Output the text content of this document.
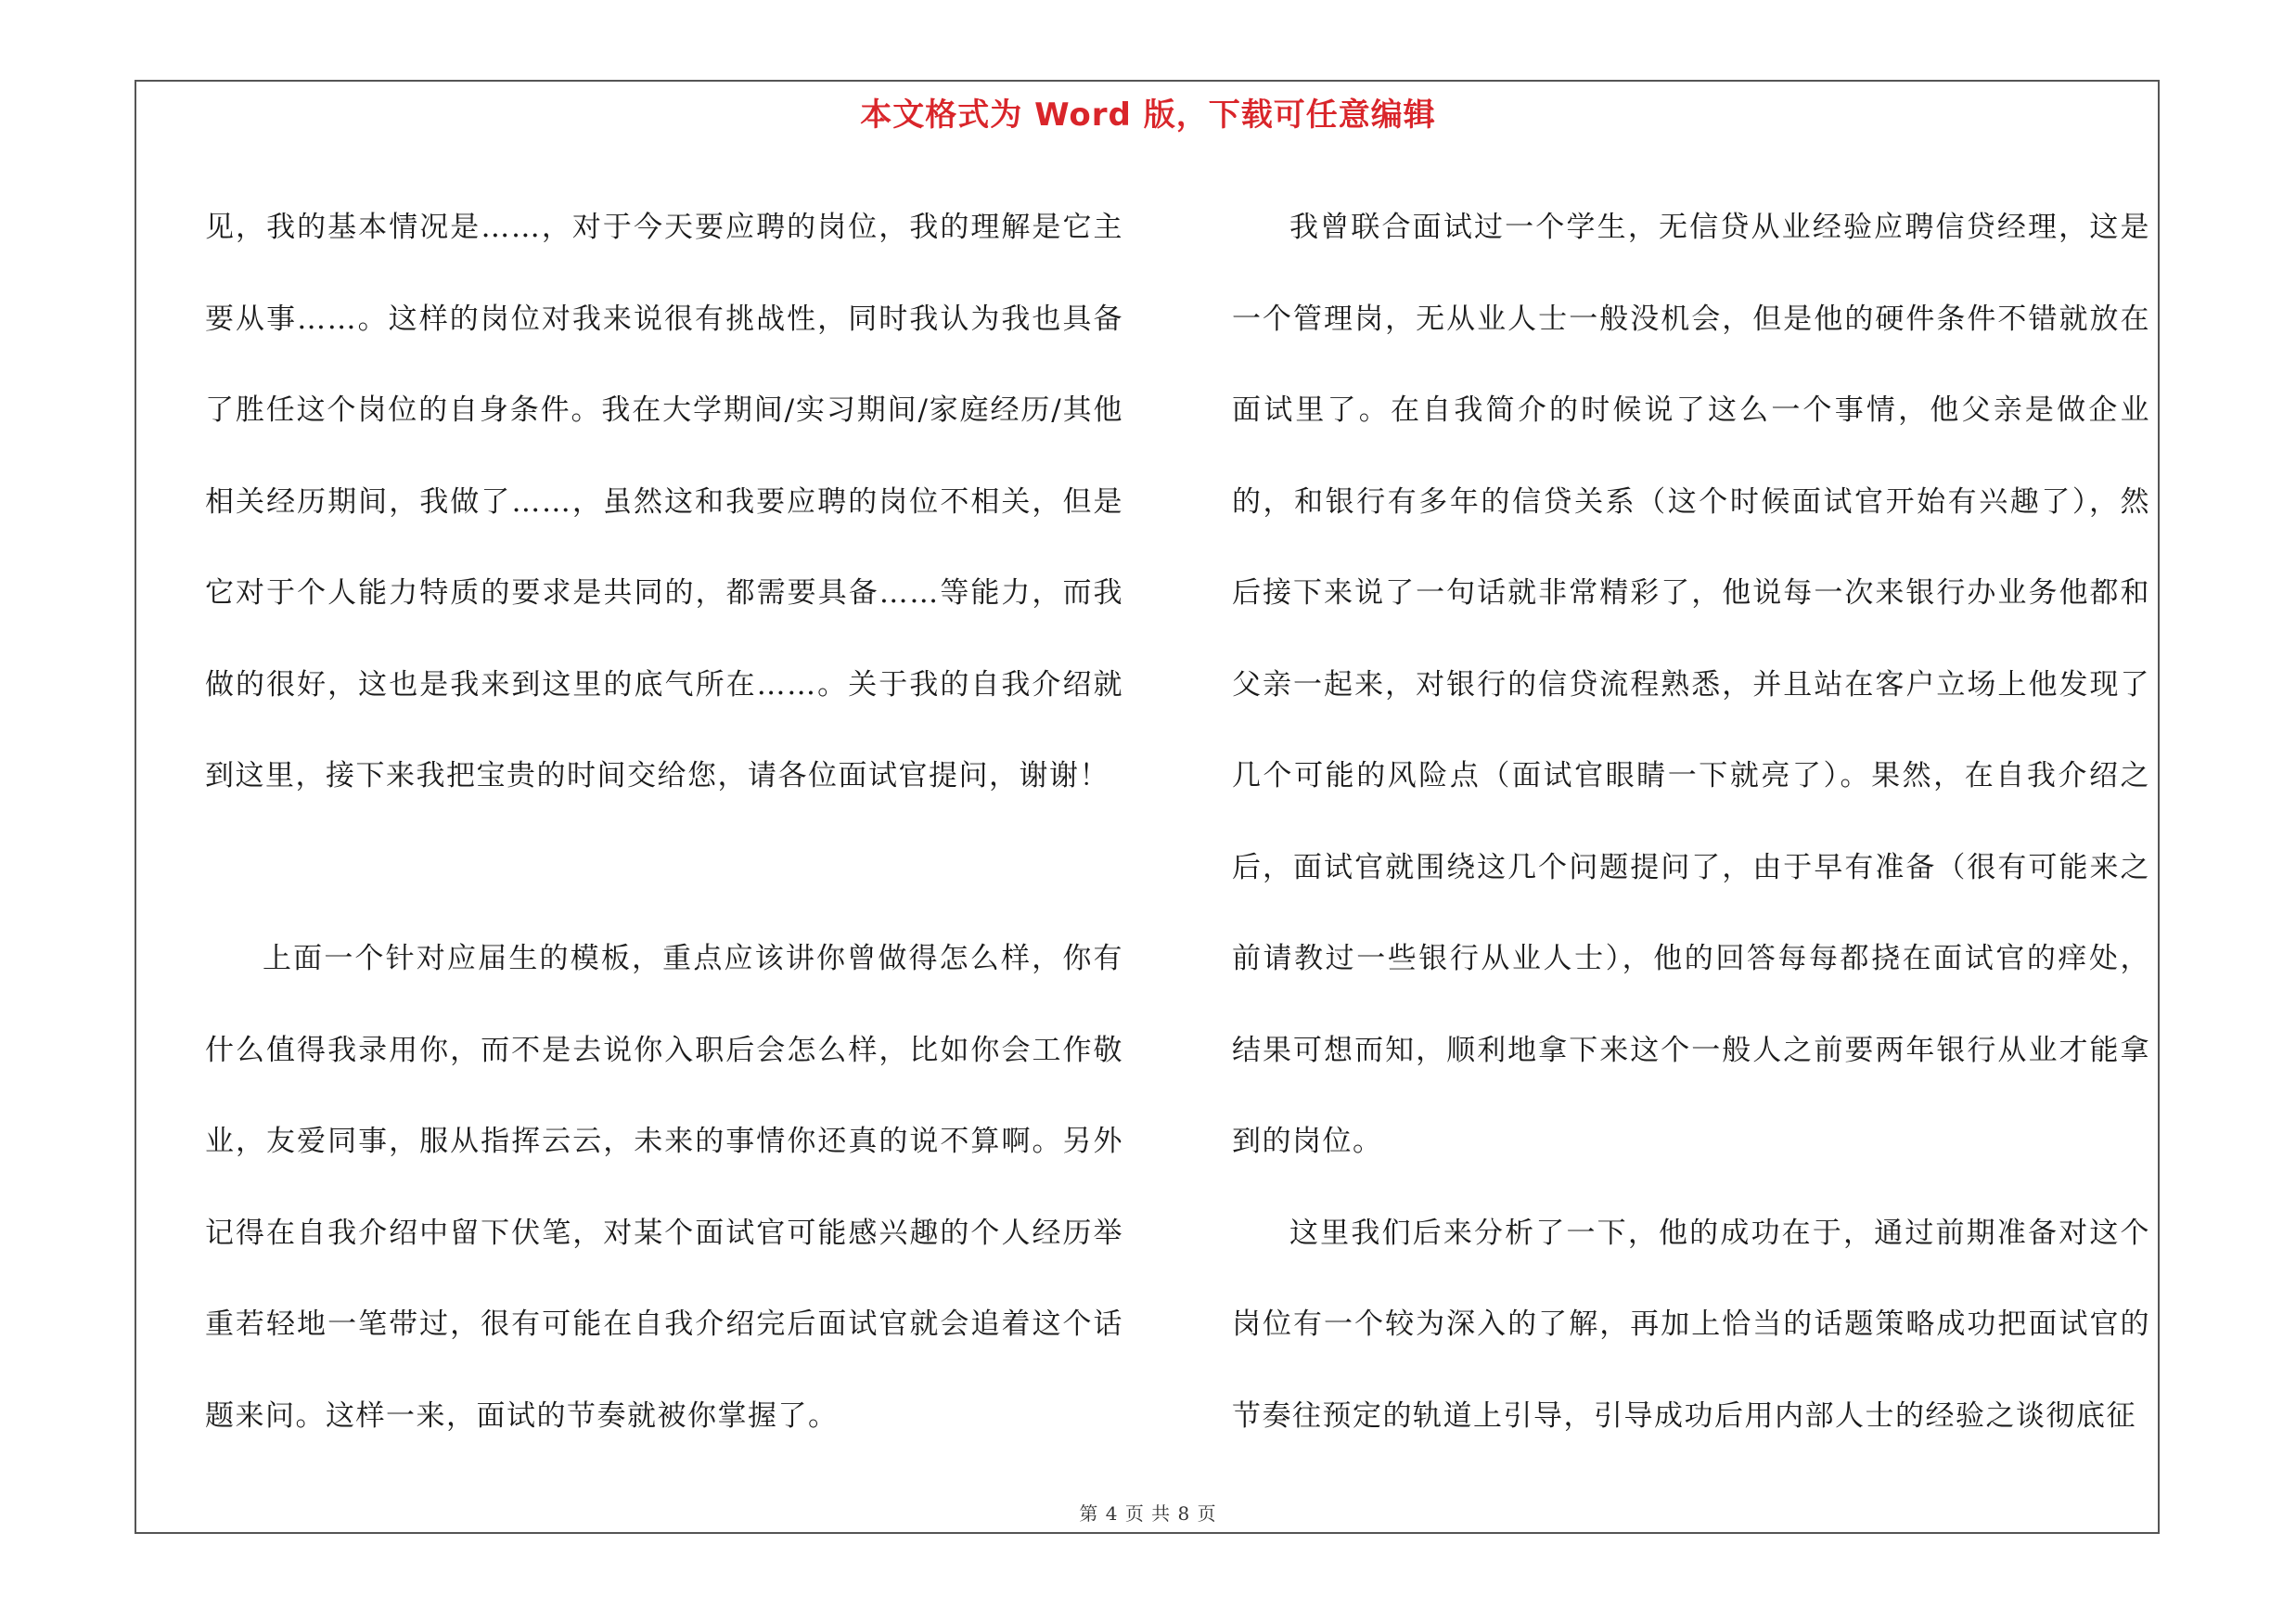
本文格式为 Word 版，下载可任意编辑

见，我的基本情况是……，对于今天要应聘的岗位，我的理解是它主要从事……。这样的岗位对我来说很有挑战性，同时我认为我也具备了胜任这个岗位的自身条件。我在大学期间/实习期间/家庭经历/其他相关经历期间，我做了……，虽然这和我要应聘的岗位不相关，但是它对于个人能力特质的要求是共同的，都需要具备……等能力，而我做的很好，这也是我来到这里的底气所在……。关于我的自我介绍就到这里，接下来我把宝贵的时间交给您，请各位面试官提问，谢谢！

上面一个针对应届生的模板，重点应该讲你曾做得怎么样，你有什么值得我录用你，而不是去说你入职后会怎么样，比如你会工作敬业，友爱同事，服从指挥云云，未来的事情你还真的说不算啊。另外记得在自我介绍中留下伏笔，对某个面试官可能感兴趣的个人经历举重若轻地一笔带过，很有可能在自我介绍完后面试官就会追着这个话题来问。这样一来，面试的节奏就被你掌握了。

我曾联合面试过一个学生，无信贷从业经验应聘信贷经理，这是一个管理岗，无从业人士一般没机会，但是他的硬件条件不错就放在面试里了。在自我简介的时候说了这么一个事情，他父亲是做企业的，和银行有多年的信贷关系（这个时候面试官开始有兴趣了），然后接下来说了一句话就非常精彩了，他说每一次来银行办业务他都和父亲一起来，对银行的信贷流程熟悉，并且站在客户立场上他发现了几个可能的风险点（面试官眼睛一下就亮了）。果然，在自我介绍之后，面试官就围绕这几个问题提问了，由于早有准备（很有可能来之前请教过一些银行从业人士），他的回答每每都挠在面试官的痒处，结果可想而知，顺利地拿下来这个一般人之前要两年银行从业才能拿到的岗位。

这里我们后来分析了一下，他的成功在于，通过前期准备对这个岗位有一个较为深入的了解，再加上恰当的话题策略成功把面试官的节奏往预定的轨道上引导，引导成功后用内部人士的经验之谈彻底征

第 4 页 共 8 页
